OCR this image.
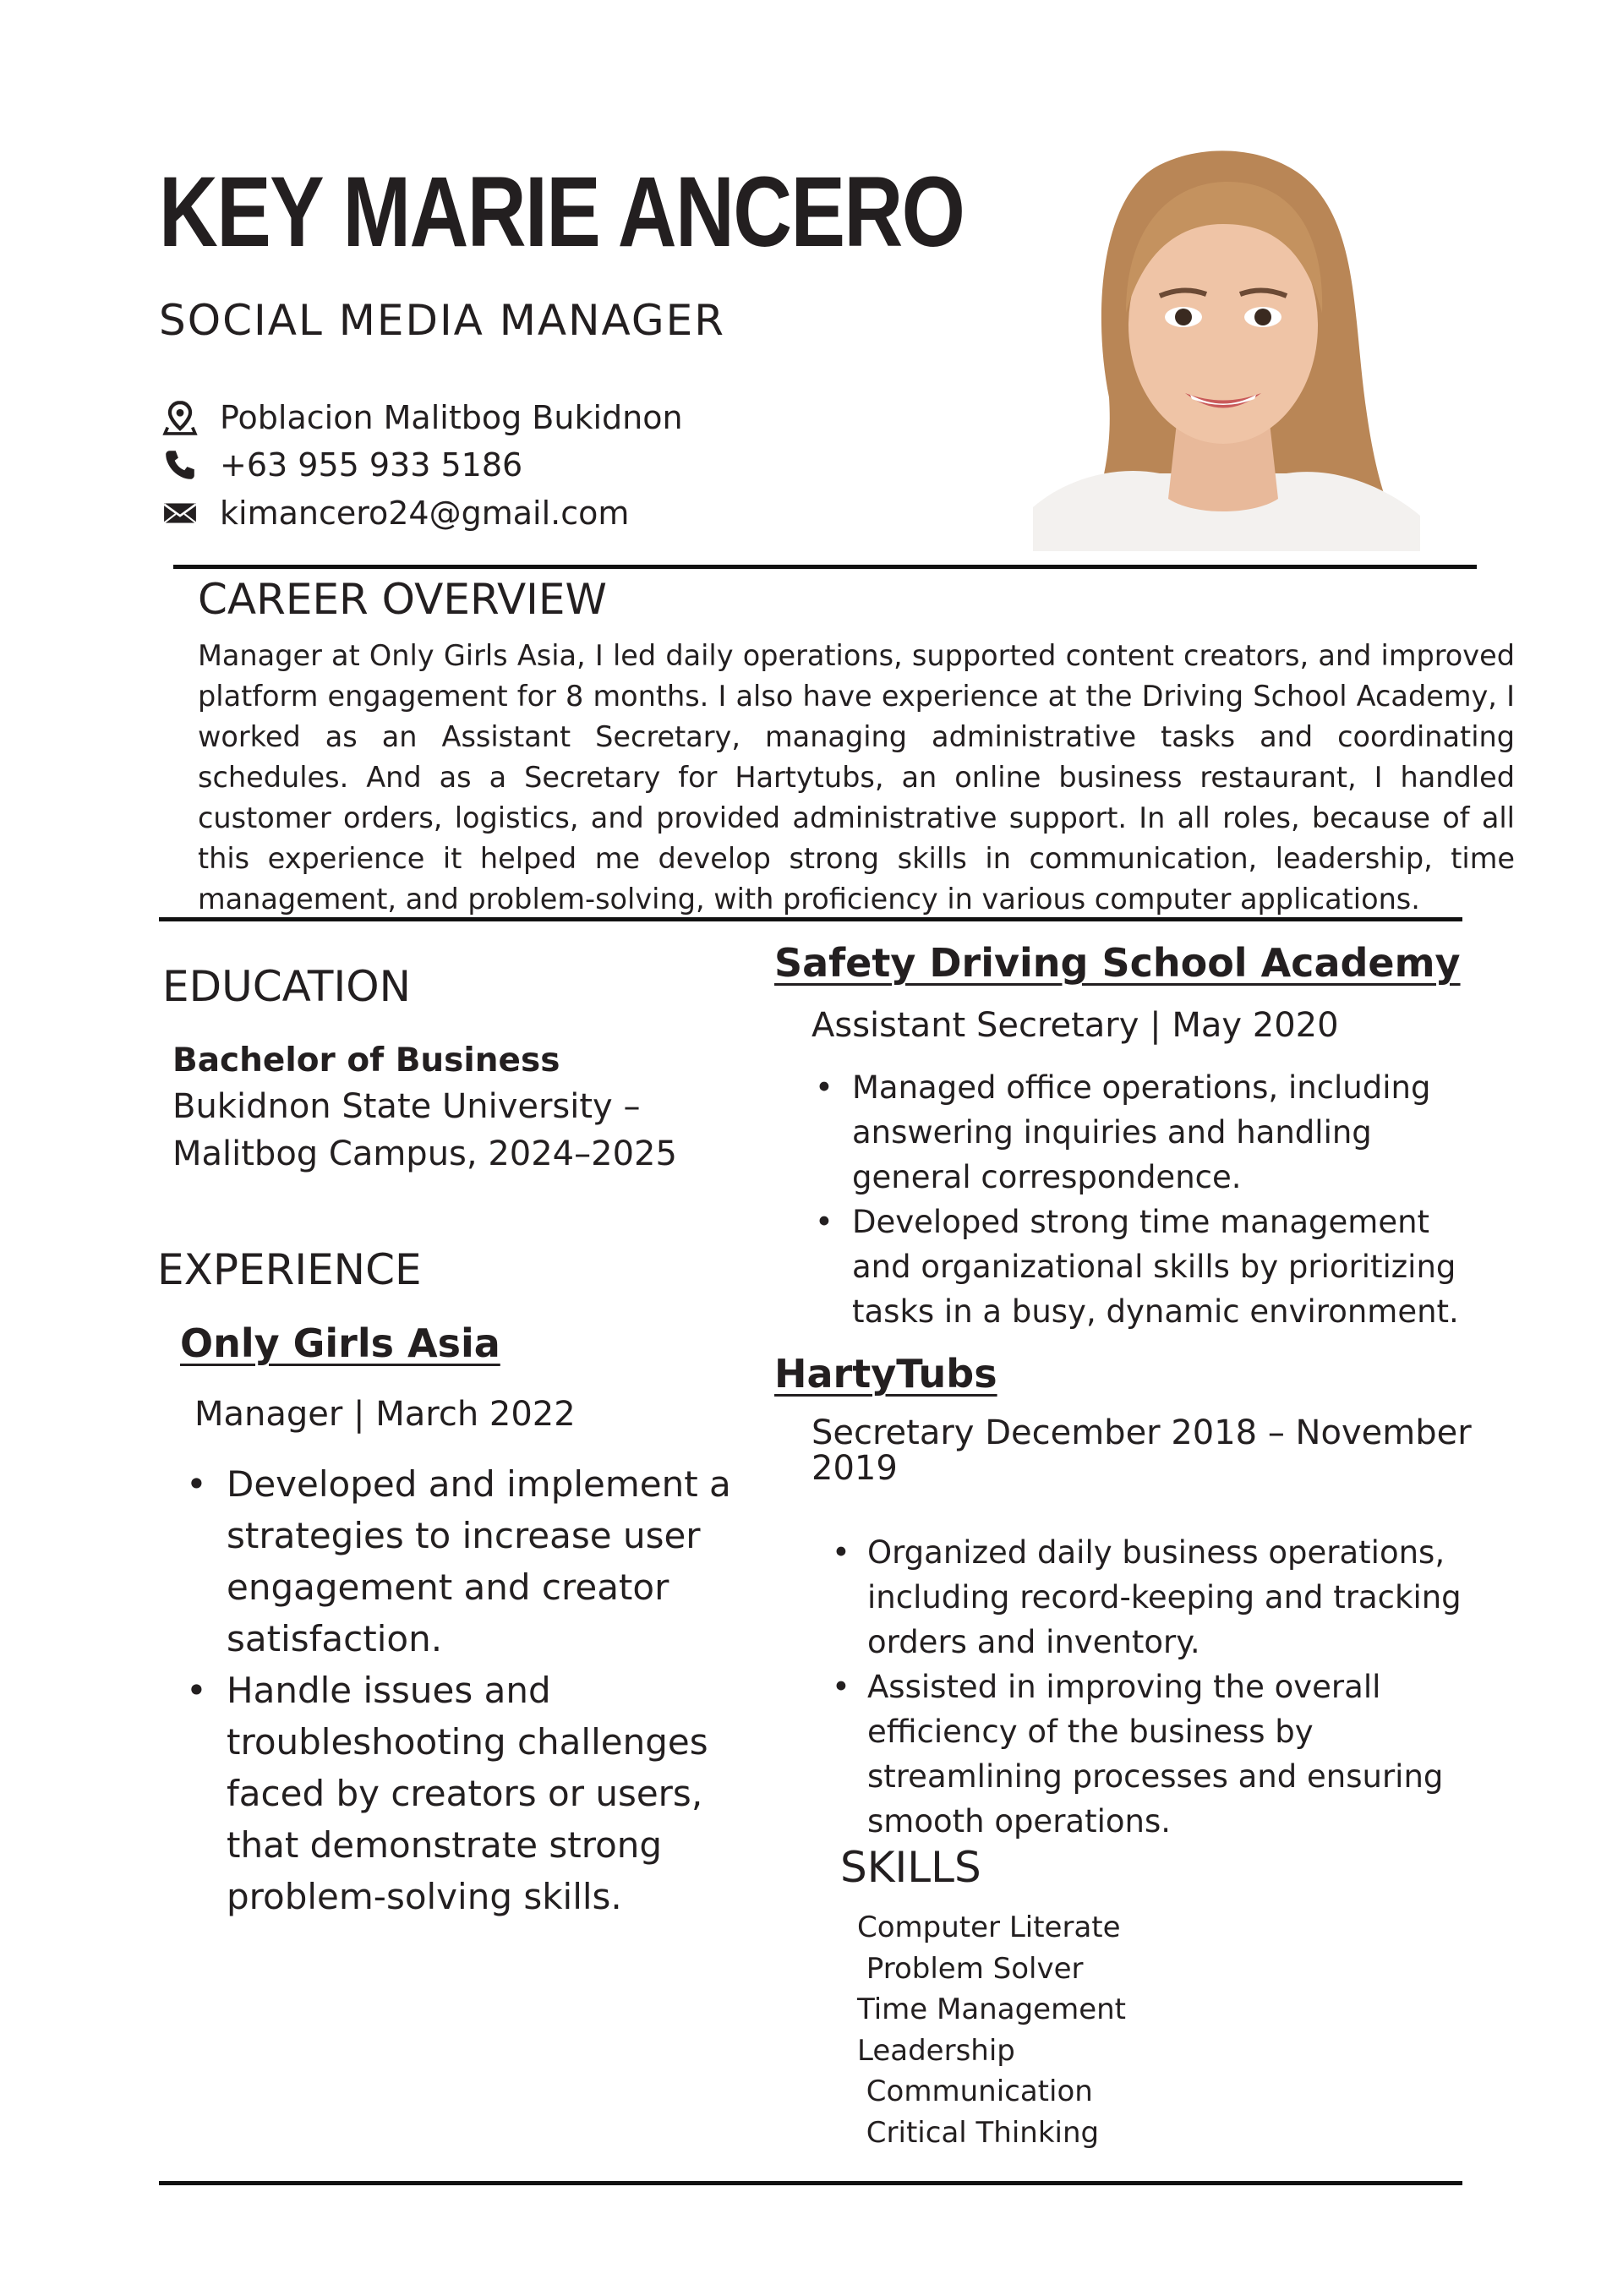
KEY MARIE ANCERO
SOCIAL MEDIA MANAGER
Poblacion Malitbog Bukidnon
+63 955 933 5186
kimancero24@gmail.com
CAREER OVERVIEW
Manager at Only Girls Asia, I led daily operations, supported content creators, and improved platform engagement for 8 months. I also have experience at the Driving School Academy, I worked as an Assistant Secretary, managing administrative tasks and coordinating schedules. And as a Secretary for Hartytubs, an online business restaurant, I handled customer orders, logistics, and provided administrative support. In all roles, because of all this experience it helped me develop strong skills in communication, leadership, time management, and problem-solving, with proficiency in various computer applications.
EDUCATION
Bachelor of Business
Bukidnon State University –
Malitbog Campus, 2024–2025
EXPERIENCE
Only Girls Asia
Manager | March 2022
• Developed and implement a strategies to increase user engagement and creator satisfaction.
• Handle issues and troubleshooting challenges faced by creators or users, that demonstrate strong problem-solving skills.
Safety Driving School Academy
Assistant Secretary | May 2020
• Managed office operations, including answering inquiries and handling general correspondence.
• Developed strong time management and organizational skills by prioritizing tasks in a busy, dynamic environment.
HartyTubs
Secretary December 2018 – November
2019
• Organized daily business operations, including record-keeping and tracking orders and inventory.
• Assisted in improving the overall efficiency of the business by streamlining processes and ensuring smooth operations.
SKILLS
Computer Literate
Problem Solver
Time Management
Leadership
Communication
Critical Thinking
